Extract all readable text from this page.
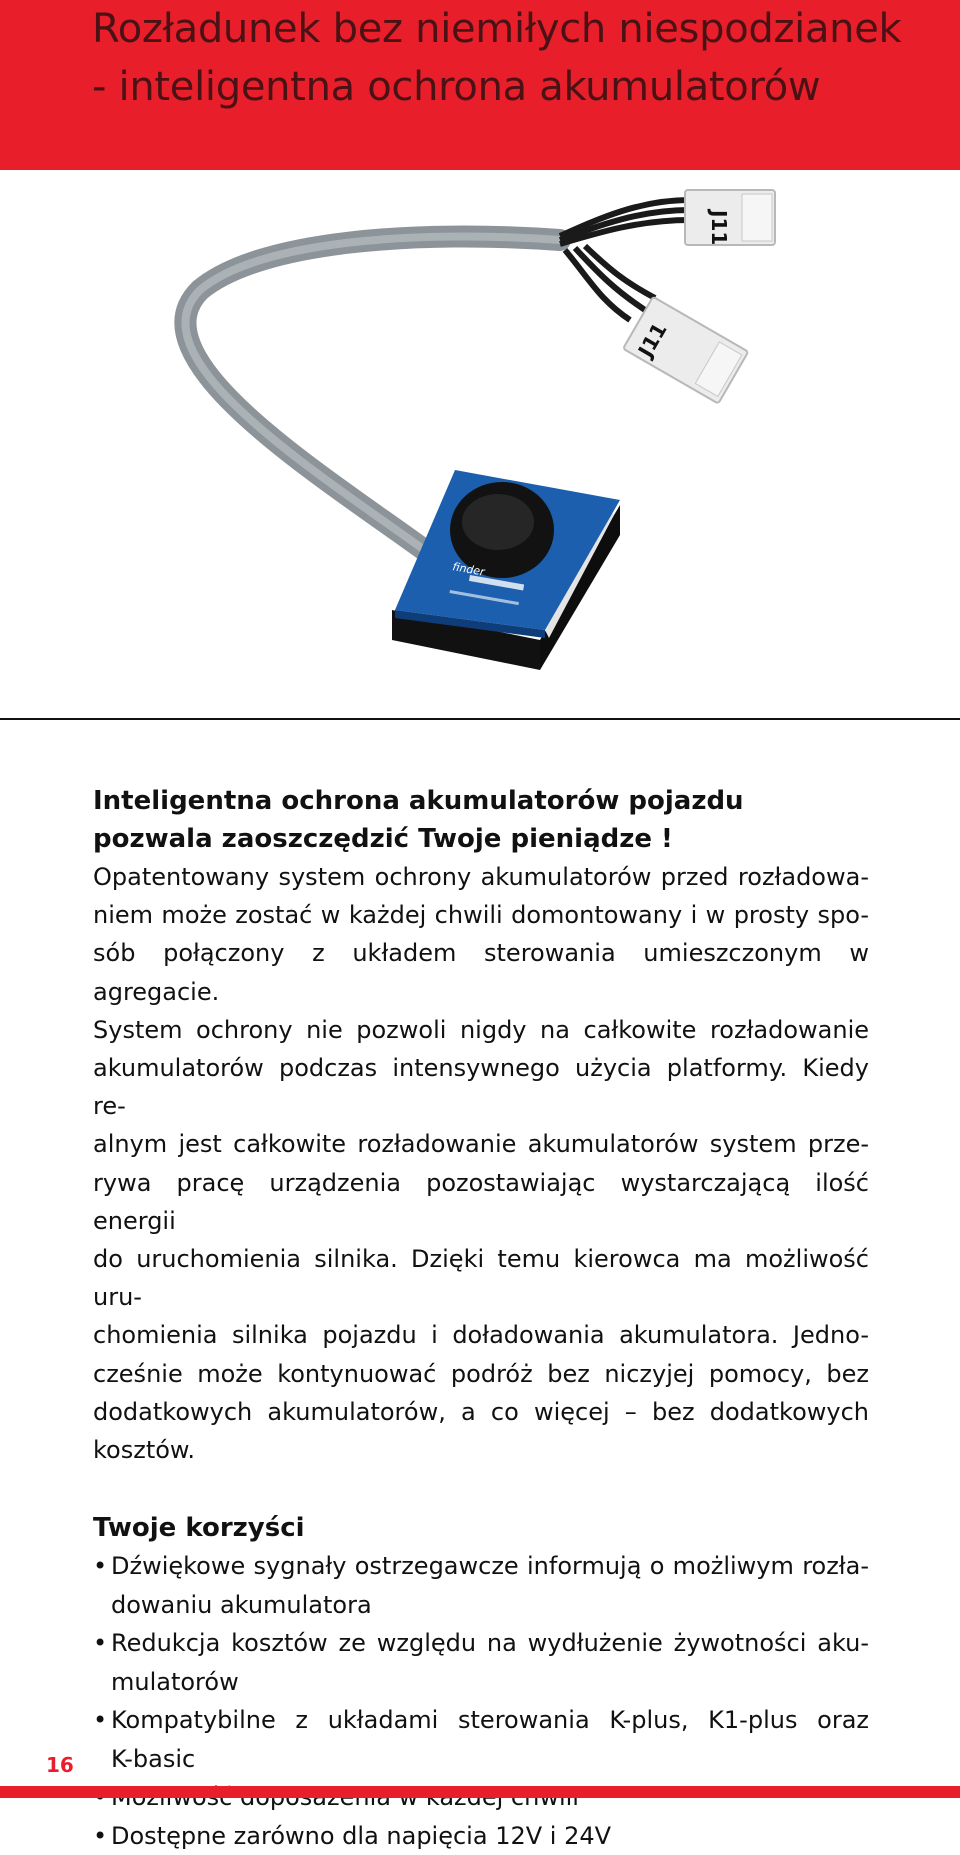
Rozładunek bez niemiłych niespodzianek
- inteligentna ochrona akumulatorów
J11
J11
finder

Inteligentna ochrona akumulatorów pojazdu
pozwala zaoszczędzić Twoje pieniądze !

Opatentowany system ochrony akumulatorów przed rozładowa-
niem może zostać w każdej chwili domontowany i w prosty spo-
sób połączony z układem sterowania umieszczonym w agregacie.
System ochrony nie pozwoli nigdy na całkowite rozładowanie
akumulatorów podczas intensywnego użycia platformy. Kiedy re-
alnym jest całkowite rozładowanie akumulatorów system prze-
rywa pracę urządzenia pozostawiając wystarczającą ilość energii
do uruchomienia silnika. Dzięki temu kierowca ma możliwość uru-
chomienia silnika pojazdu i doładowania akumulatora. Jedno-
cześnie może kontynuować podróż bez niczyjej pomocy, bez
dodatkowych akumulatorów, a co więcej – bez dodatkowych
kosztów.

Twoje korzyści
• Dźwiękowe sygnały ostrzegawcze informują o możliwym rozła-
dowaniu akumulatora
• Redukcja kosztów ze względu na wydłużenie żywotności aku-
mulatorów
• Kompatybilne z układami sterowania K-plus, K1-plus oraz
K-basic
• Dostępne zarówno dla napięcia 12V i 24V
16
